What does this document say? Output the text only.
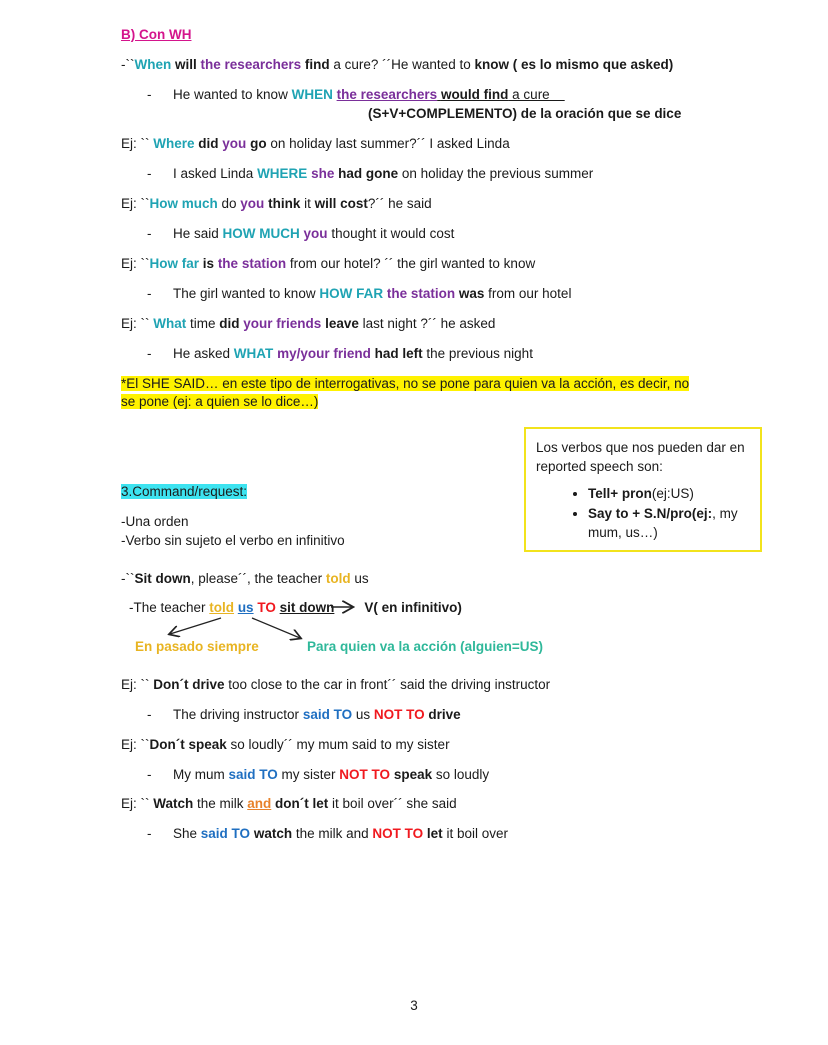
B) Con WH
-``When will the researchers find a cure? ´´He wanted to know ( es lo mismo que asked)
- He wanted to know WHEN the researchers would find a cure
(S+V+COMPLEMENTO) de la oración que se dice
Ej: `` Where did you go on holiday last summer?´´ I asked Linda
- I asked Linda WHERE she had gone on holiday the previous summer
Ej: ``How much do you think it will cost?´´ he said
- He said HOW MUCH you thought it would cost
Ej: ``How far is the station from our hotel? ´´ the girl wanted to know
- The girl wanted to know HOW FAR the station was from our hotel
Ej: `` What time did your friends leave last night ?´´ he asked
- He asked WHAT my/your friend had left the previous night
*El SHE SAID… en este tipo de interrogativas, no se pone para quien va la acción, es decir, no
se pone (ej: a quien se lo dice…)
Los verbos que nos pueden dar en reported speech son:
• Tell+ pron(ej:US)
• Say to + S.N/pro(ej:, my mum, us…)
3.Command/request:
-Una orden
-Verbo sin sujeto el verbo en infinitivo
-``Sit down, please´´, the teacher told us
-The teacher told us TO sit down V( en infinitivo)
En pasado siempre	Para quien va la acción (alguien=US)
Ej: `` Don´t drive too close to the car in front´´ said the driving instructor
- The driving instructor said TO us NOT TO drive
Ej: ``Don´t speak so loudly´´ my mum said to my sister
- My mum said TO my sister NOT TO speak so loudly
Ej: `` Watch the milk and don´t let it boil over´´ she said
- She said TO watch the milk and NOT TO let it boil over
3
